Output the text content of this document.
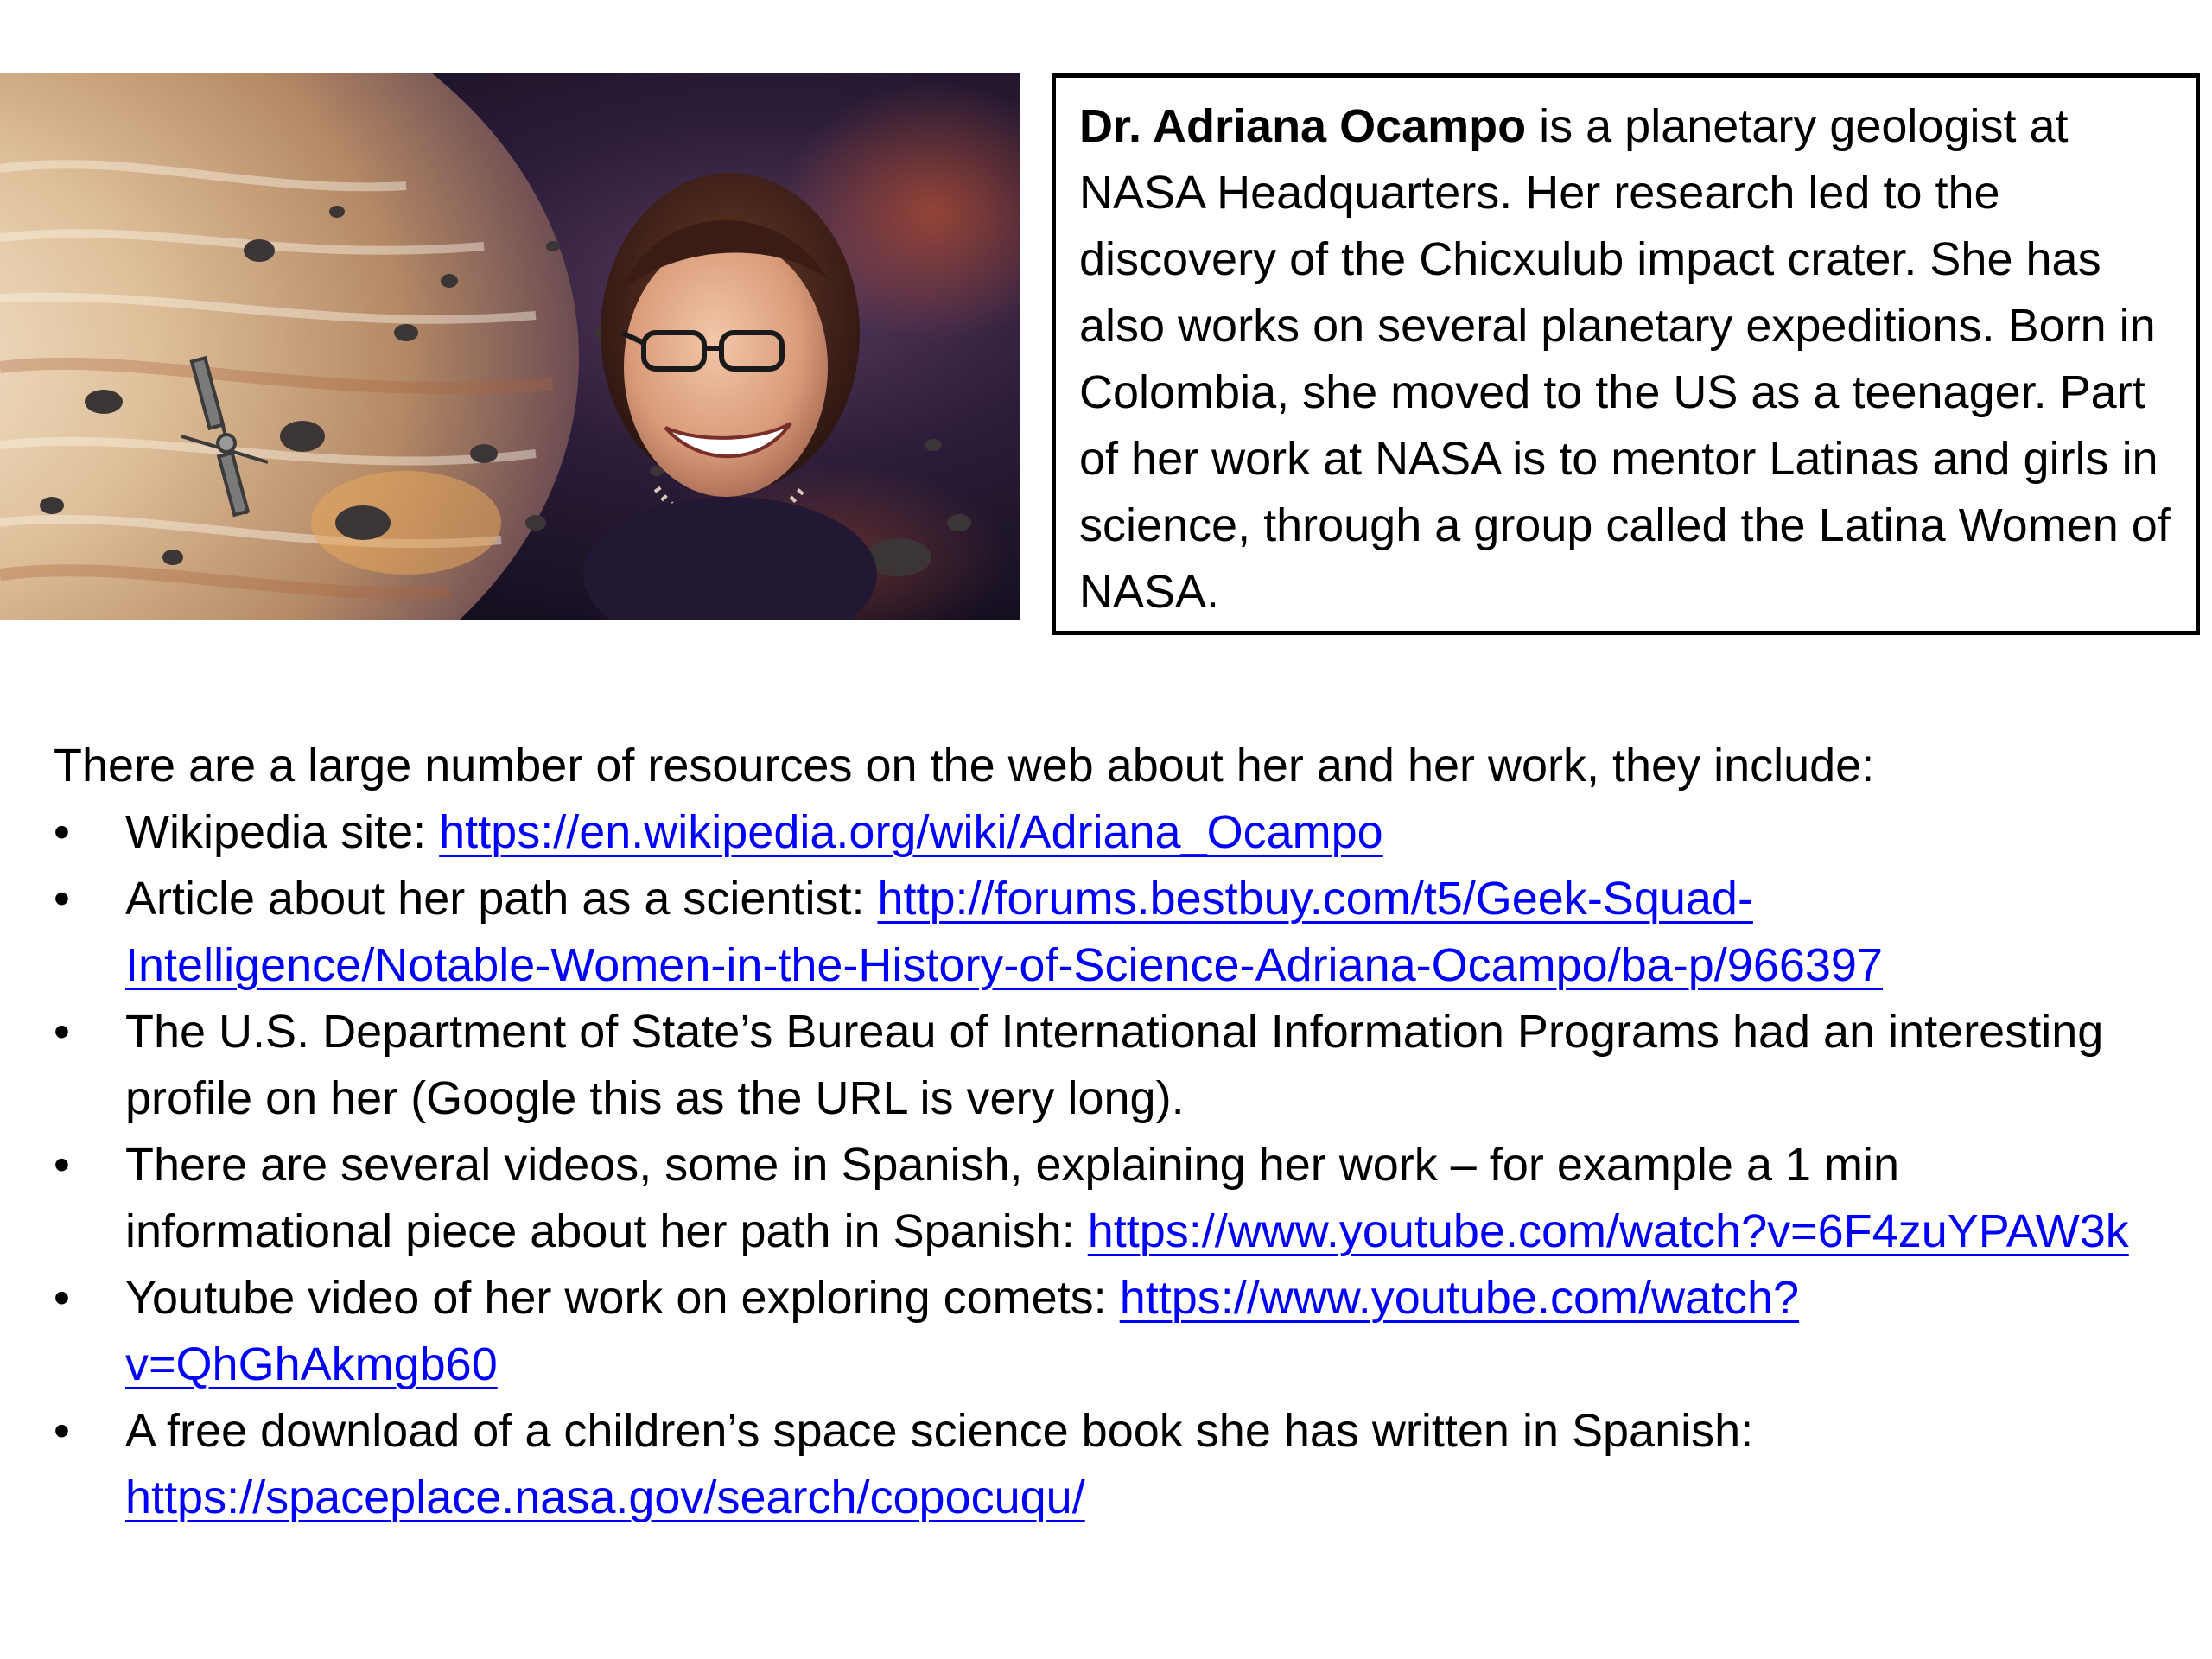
Dr. Adriana Ocampo is a planetary geologist at NASA Headquarters. Her research led to the discovery of the Chicxulub impact crater. She has also works on several planetary expeditions. Born in Colombia, she moved to the US as a teenager. Part of her work at NASA is to mentor Latinas and girls in science, through a group called the Latina Women of NASA.

There are a large number of resources on the web about her and her work, they include:

•	Wikipedia site: https://en.wikipedia.org/wiki/Adriana_Ocampo
•	Article about her path as a scientist: http://forums.bestbuy.com/t5/Geek-Squad-Intelligence/Notable-Women-in-the-History-of-Science-Adriana-Ocampo/ba-p/966397
•	The U.S. Department of State’s Bureau of International Information Programs had an interesting profile on her (Google this as the URL is very long).
•	There are several videos, some in Spanish, explaining her work – for example a 1 min informational piece about her path in Spanish: https://www.youtube.com/watch?v=6F4zuYPAW3k
•	Youtube video of her work on exploring comets: https://www.youtube.com/watch?v=QhGhAkmgb60
•	A free download of a children’s space science book she has written in Spanish: https://spaceplace.nasa.gov/search/copocuqu/
